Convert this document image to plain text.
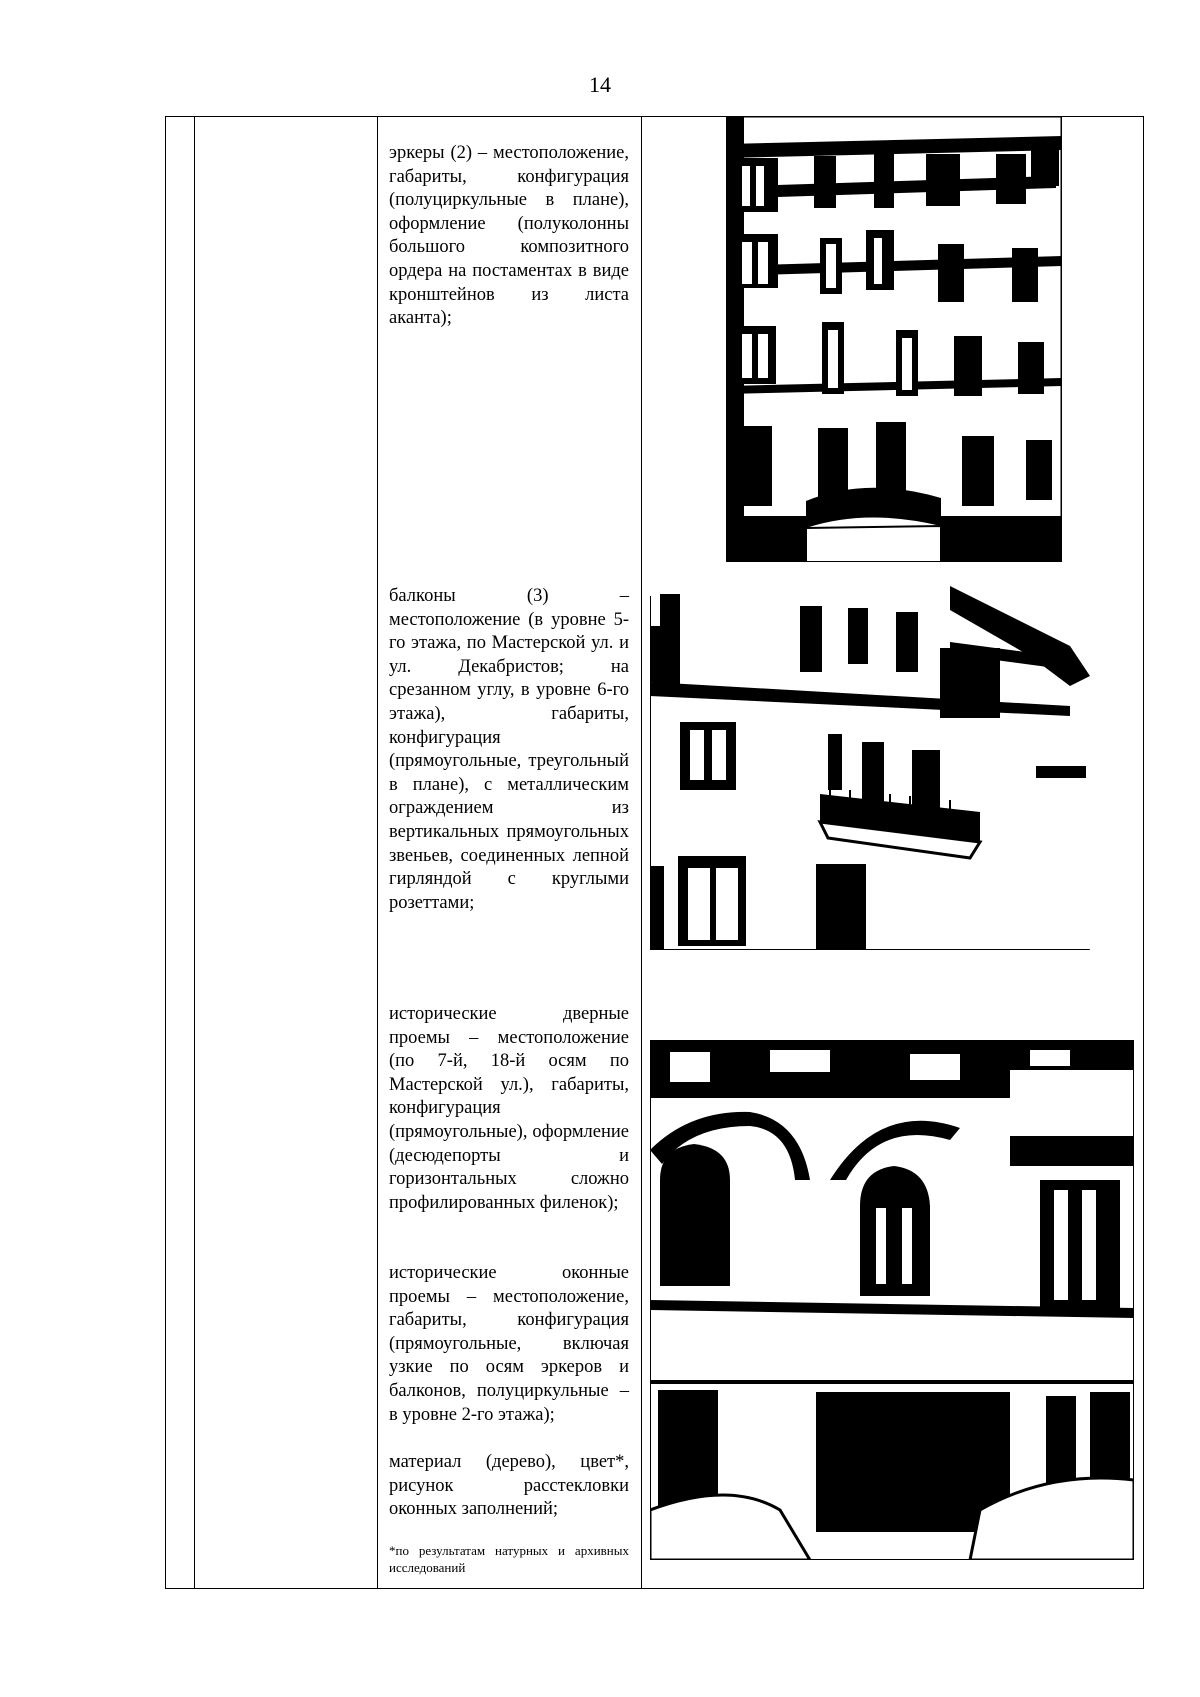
14

эркеры (2) – местоположение, габариты, конфигурация (полуциркульные в плане), оформление (полуколонны большого композитного ордера на постаментах в виде кронштейнов из листа аканта);

балконы (3) – местоположение (в уровне 5-го этажа, по Мастерской ул. и ул. Декабристов; на срезанном углу, в уровне 6-го этажа), габариты, конфигурация (прямоугольные, треугольный в плане), с металлическим ограждением из вертикальных прямоугольных звеньев, соединенных лепной гирляндой с круглыми розеттами;

исторические дверные проемы – местоположение (по 7-й, 18-й осям по Мастерской ул.), габариты, конфигурация (прямоугольные), оформление (десюдепорты и горизонтальных сложно профилированных филенок);

исторические оконные проемы – местоположение, габариты, конфигурация (прямоугольные, включая узкие по осям эркеров и балконов, полуциркульные – в уровне 2-го этажа);

материал (дерево), цвет*, рисунок расстекловки оконных заполнений;

*по результатам натурных и архивных исследований
